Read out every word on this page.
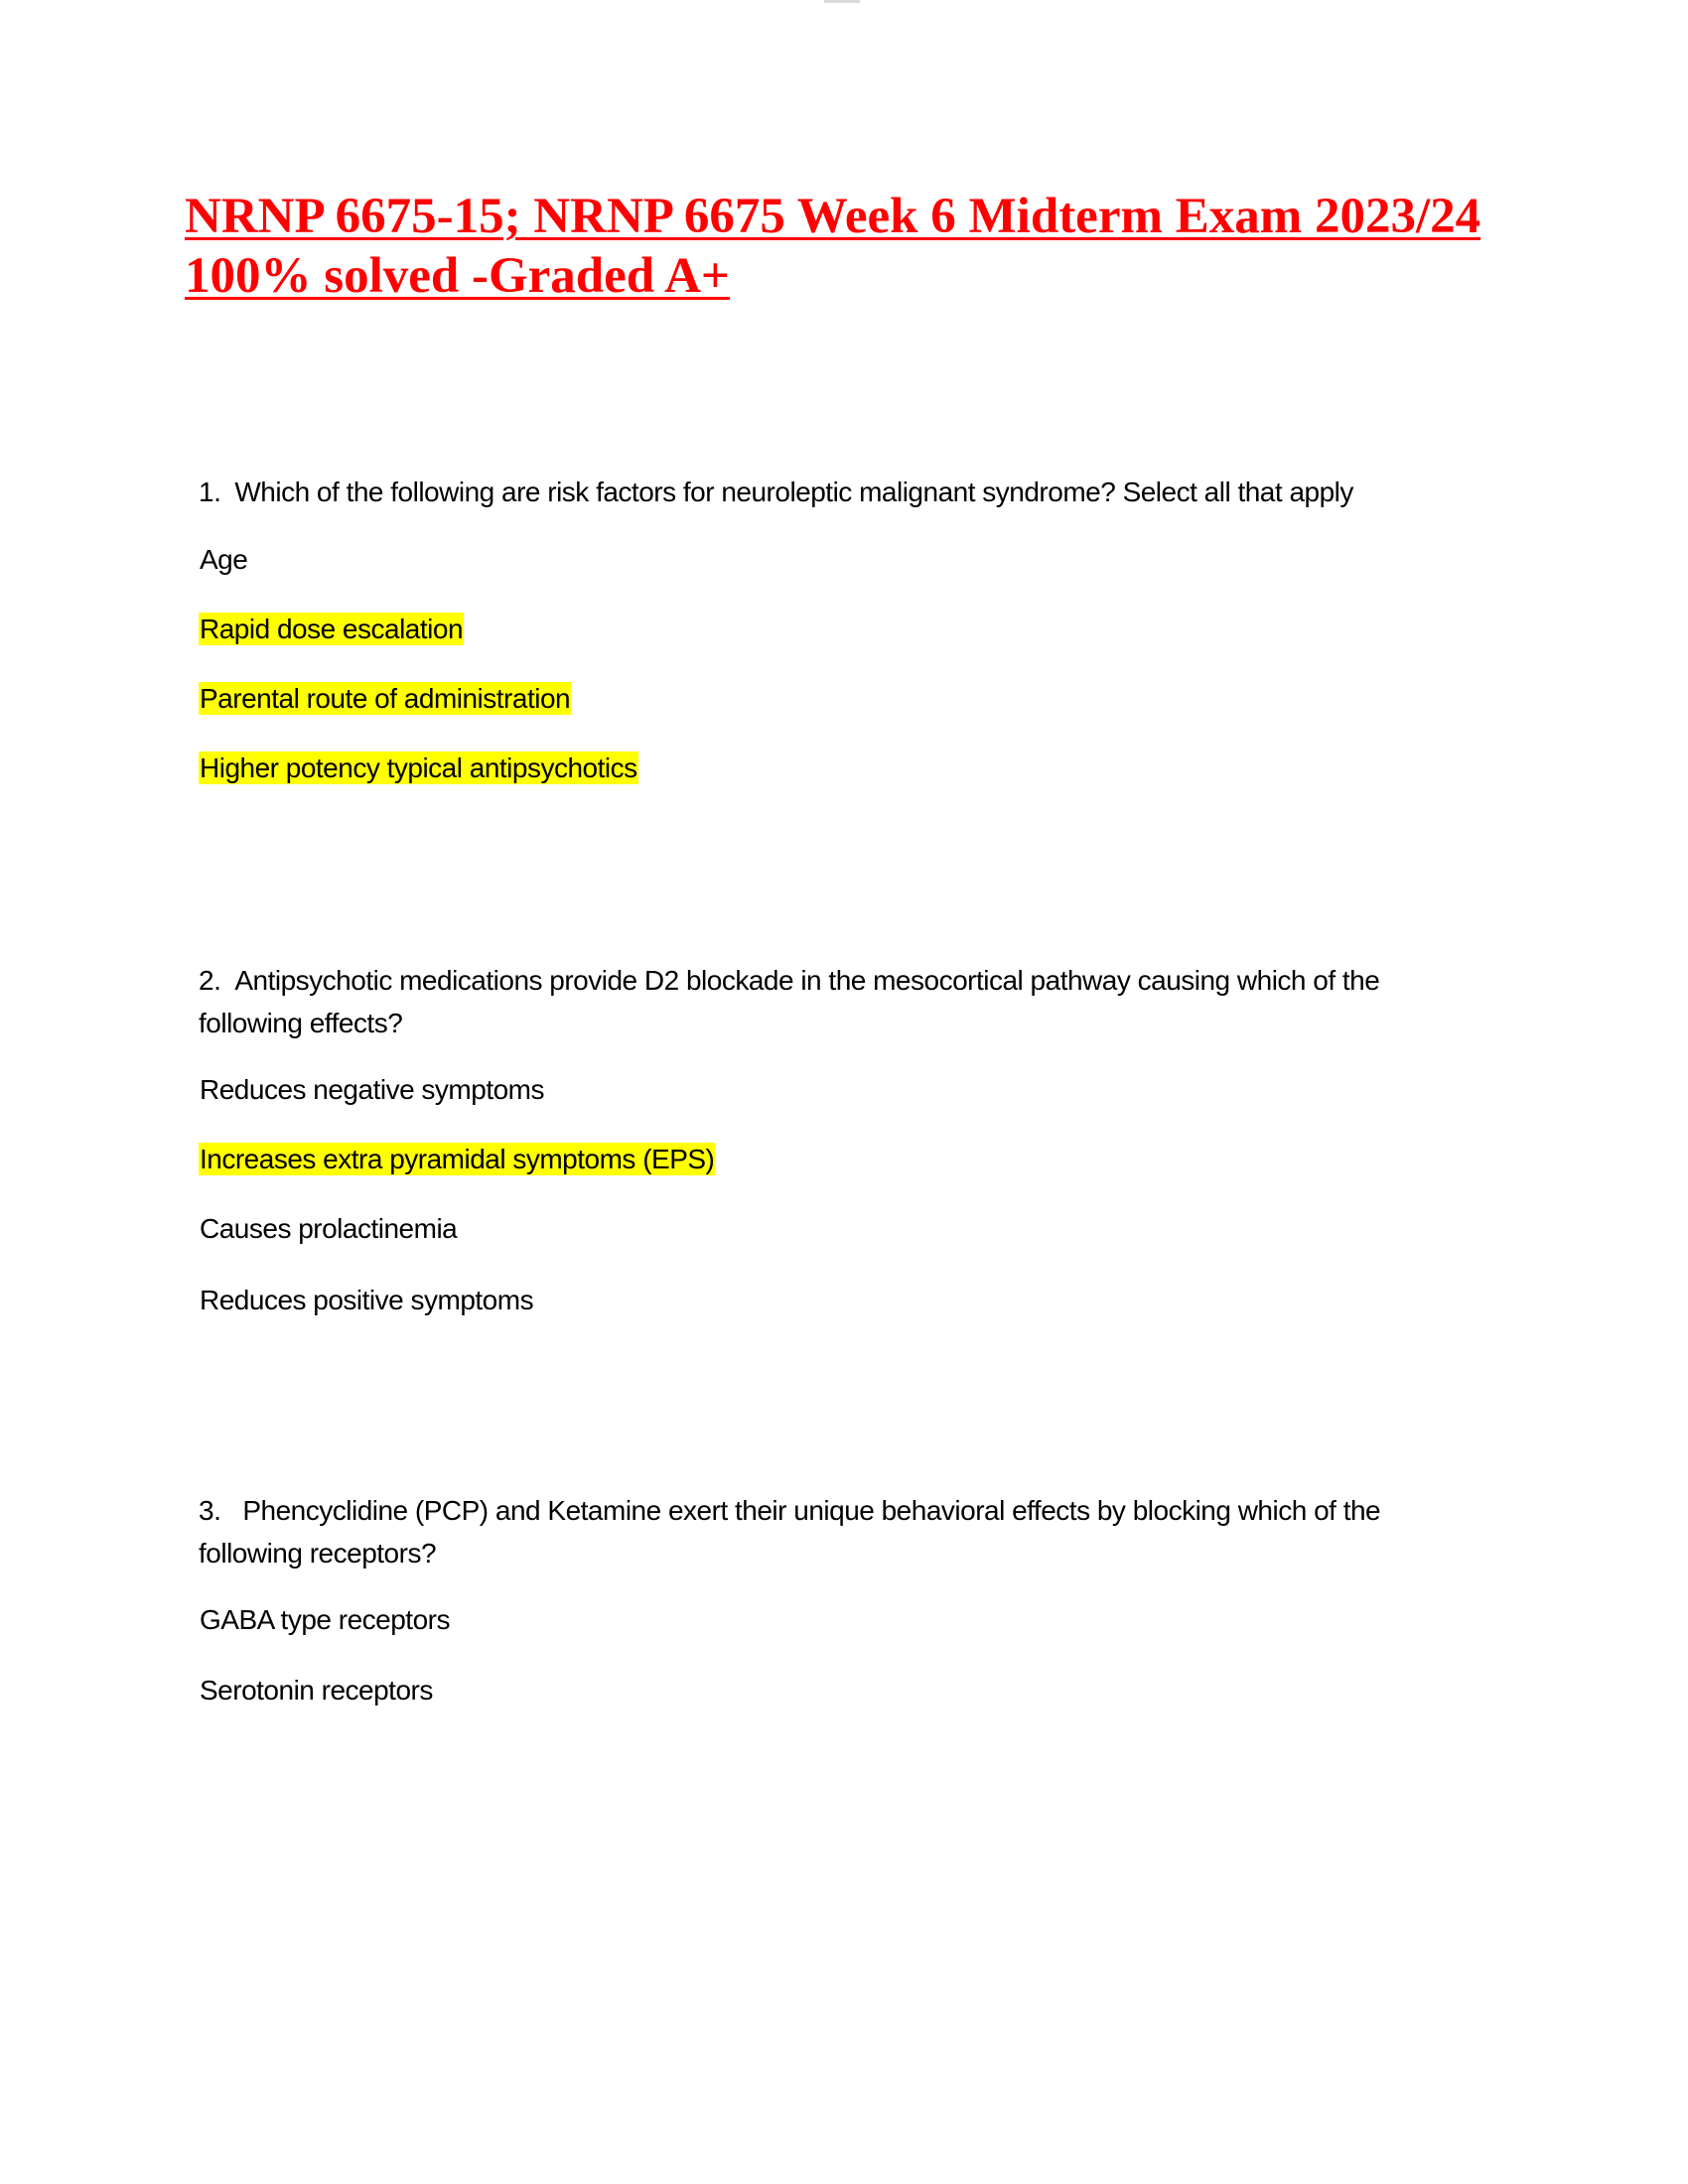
NRNP 6675-15; NRNP 6675 Week 6 Midterm Exam 2023/24
100% solved -Graded A+

1. Which of the following are risk factors for neuroleptic malignant syndrome? Select all that apply

Age

Rapid dose escalation

Parental route of administration

Higher potency typical antipsychotics

2. Antipsychotic medications provide D2 blockade in the mesocortical pathway causing which of the following effects?

Reduces negative symptoms

Increases extra pyramidal symptoms (EPS)

Causes prolactinemia

Reduces positive symptoms

3. Phencyclidine (PCP) and Ketamine exert their unique behavioral effects by blocking which of the following receptors?

GABA type receptors

Serotonin receptors
